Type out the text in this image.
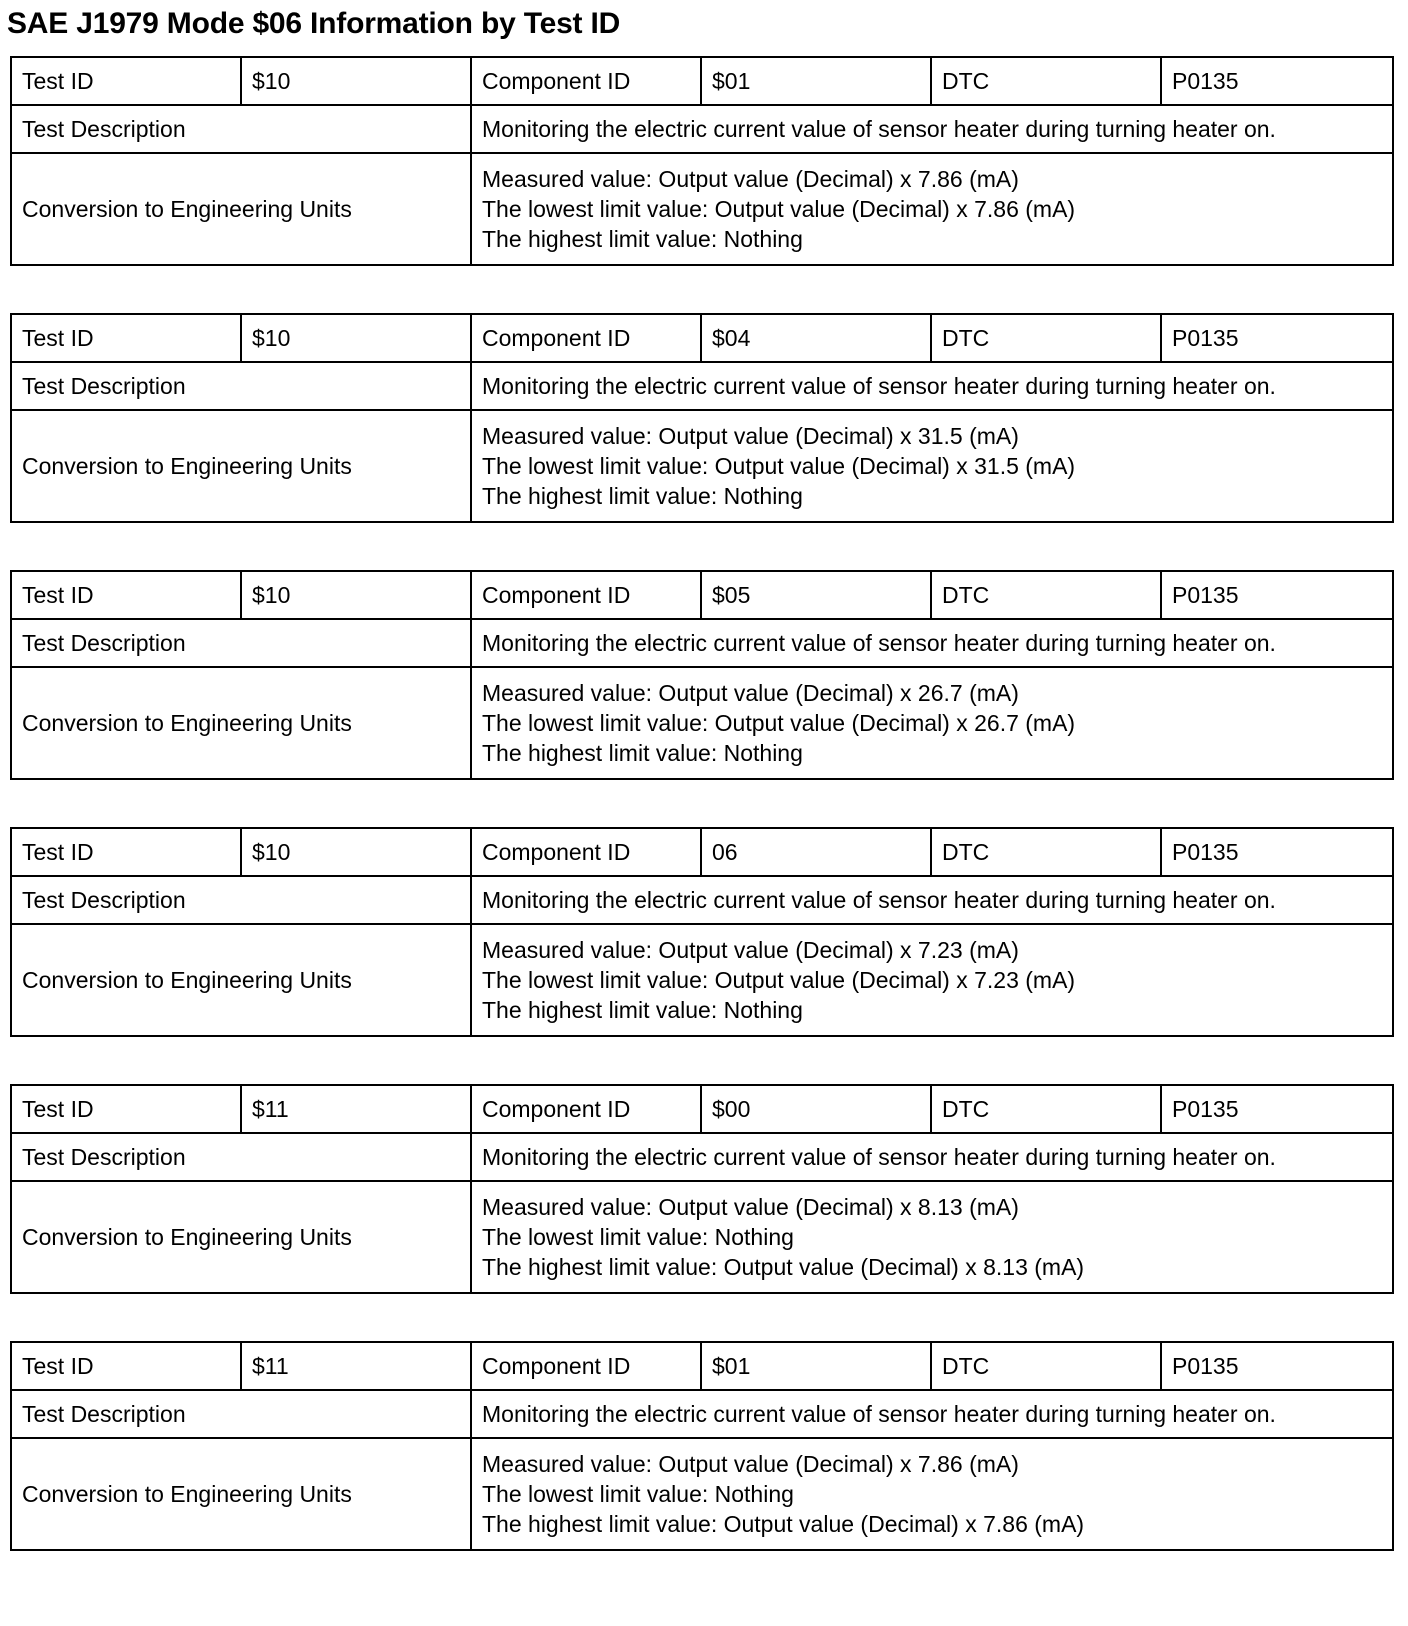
SAE J1979 Mode $06 Information by Test ID
Test ID	$10	Component ID	$01	DTC	P0135
Test Description		Monitoring the electric current value of sensor heater during turning heater on.			
Conversion to Engineering Units		Measured value: Output value (Decimal) x 7.86 (mA)
The lowest limit value: Output value (Decimal) x 7.86 (mA)
The highest limit value: Nothing			
Test ID	$10	Component ID	$04	DTC	P0135
Test Description		Monitoring the electric current value of sensor heater during turning heater on.			
Conversion to Engineering Units		Measured value: Output value (Decimal) x 31.5 (mA)
The lowest limit value: Output value (Decimal) x 31.5 (mA)
The highest limit value: Nothing			
Test ID	$10	Component ID	$05	DTC	P0135
Test Description		Monitoring the electric current value of sensor heater during turning heater on.			
Conversion to Engineering Units		Measured value: Output value (Decimal) x 26.7 (mA)
The lowest limit value: Output value (Decimal) x 26.7 (mA)
The highest limit value: Nothing			
Test ID	$10	Component ID	06	DTC	P0135
Test Description		Monitoring the electric current value of sensor heater during turning heater on.			
Conversion to Engineering Units		Measured value: Output value (Decimal) x 7.23 (mA)
The lowest limit value: Output value (Decimal) x 7.23 (mA)
The highest limit value: Nothing			
Test ID	$11	Component ID	$00	DTC	P0135
Test Description		Monitoring the electric current value of sensor heater during turning heater on.			
Conversion to Engineering Units		Measured value: Output value (Decimal) x 8.13 (mA)
The lowest limit value: Nothing
The highest limit value: Output value (Decimal) x 8.13 (mA)			
Test ID	$11	Component ID	$01	DTC	P0135
Test Description		Monitoring the electric current value of sensor heater during turning heater on.			
Conversion to Engineering Units		Measured value: Output value (Decimal) x 7.86 (mA)
The lowest limit value: Nothing
The highest limit value: Output value (Decimal) x 7.86 (mA)			
